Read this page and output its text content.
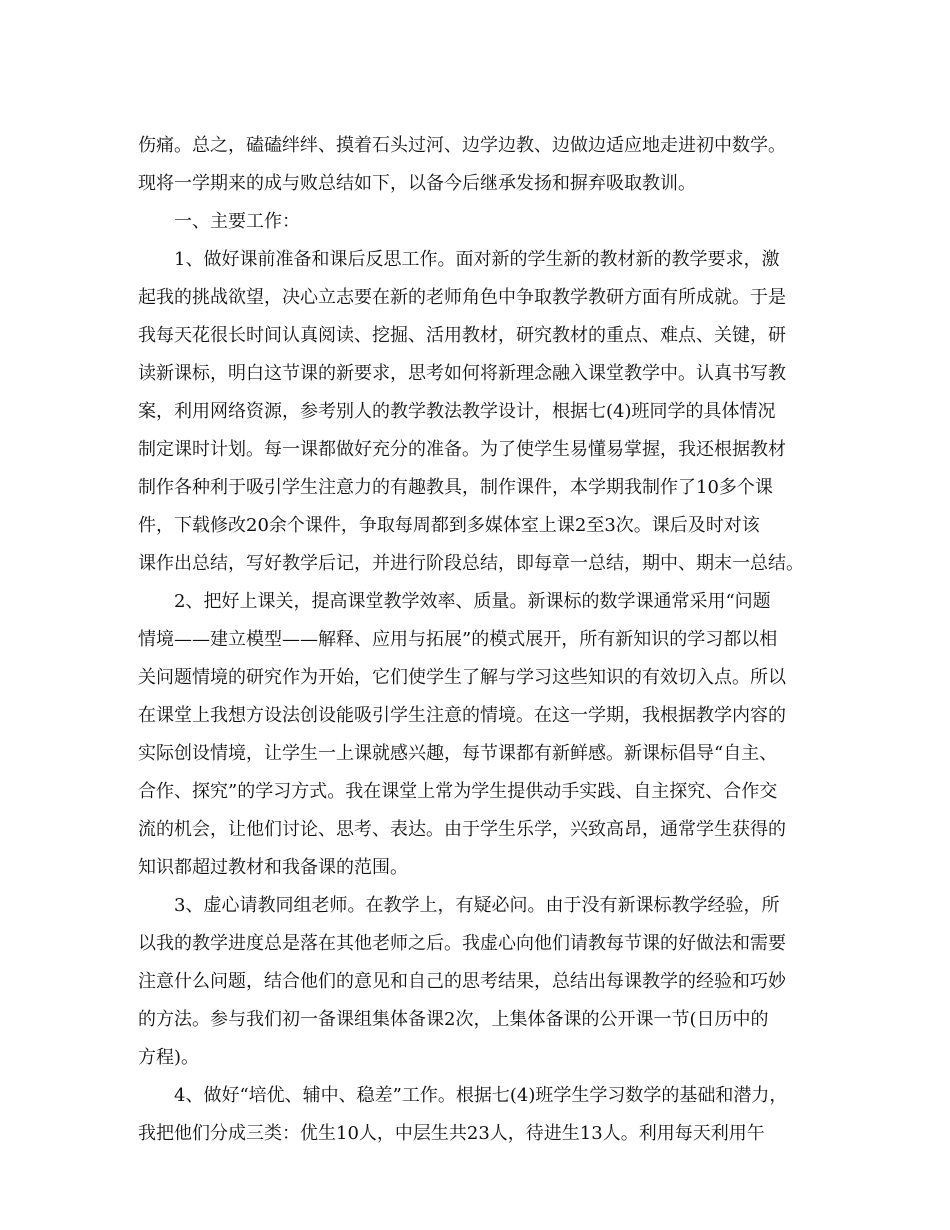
伤痛。总之，磕磕绊绊、摸着石头过河、边学边教、边做边适应地走进初中数学。
现将一学期来的成与败总结如下，以备今后继承发扬和摒弃吸取教训。
　　一、主要工作：
　　1、做好课前准备和课后反思工作。面对新的学生新的教材新的教学要求，激
起我的挑战欲望，决心立志要在新的老师角色中争取教学教研方面有所成就。于是
我每天花很长时间认真阅读、挖掘、活用教材，研究教材的重点、难点、关键，研
读新课标，明白这节课的新要求，思考如何将新理念融入课堂教学中。认真书写教
案，利用网络资源，参考别人的教学教法教学设计，根据七(4)班同学的具体情况
制定课时计划。每一课都做好充分的准备。为了使学生易懂易掌握，我还根据教材
制作各种利于吸引学生注意力的有趣教具，制作课件，本学期我制作了10多个课
件，下载修改20余个课件，争取每周都到多媒体室上课2至3次。课后及时对该
课作出总结，写好教学后记，并进行阶段总结，即每章一总结，期中、期末一总结。
　　2、把好上课关，提高课堂教学效率、质量。新课标的数学课通常采用“问题
情境——建立模型——解释、应用与拓展”的模式展开，所有新知识的学习都以相
关问题情境的研究作为开始，它们使学生了解与学习这些知识的有效切入点。所以
在课堂上我想方设法创设能吸引学生注意的情境。在这一学期，我根据教学内容的
实际创设情境，让学生一上课就感兴趣，每节课都有新鲜感。新课标倡导“自主、
合作、探究”的学习方式。我在课堂上常为学生提供动手实践、自主探究、合作交
流的机会，让他们讨论、思考、表达。由于学生乐学，兴致高昂，通常学生获得的
知识都超过教材和我备课的范围。
　　3、虚心请教同组老师。在教学上，有疑必问。由于没有新课标教学经验，所
以我的教学进度总是落在其他老师之后。我虚心向他们请教每节课的好做法和需要
注意什么问题，结合他们的意见和自己的思考结果，总结出每课教学的经验和巧妙
的方法。参与我们初一备课组集体备课2次，上集体备课的公开课一节(日历中的
方程)。
　　4、做好“培优、辅中、稳差”工作。根据七(4)班学生学习数学的基础和潜力，
我把他们分成三类：优生10人，中层生共23人，待进生13人。利用每天利用午
